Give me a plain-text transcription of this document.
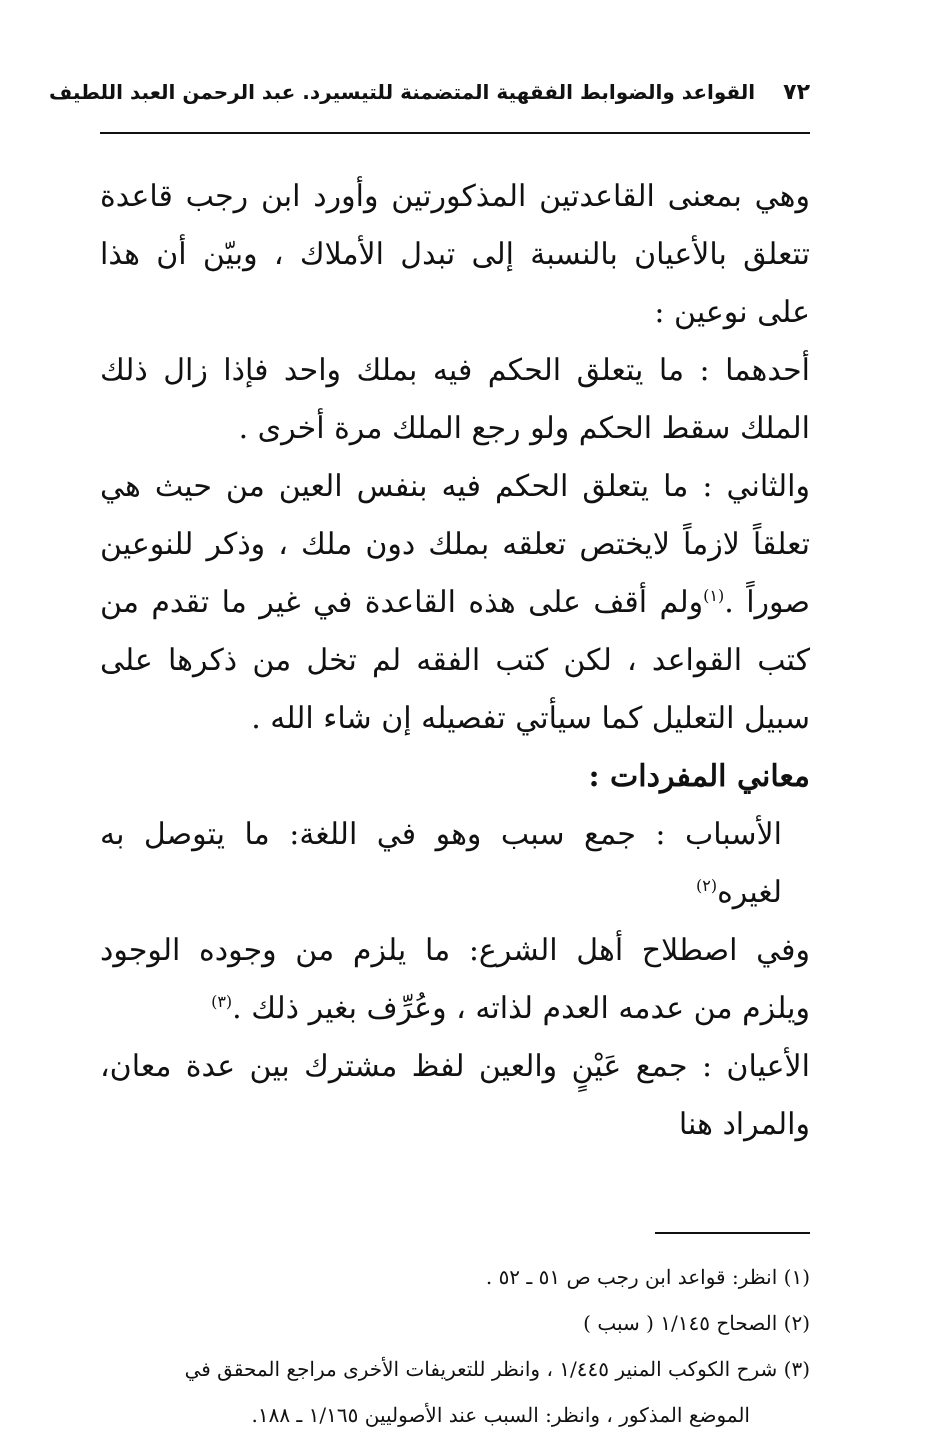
٧٢
القواعد والضوابط الفقهية المتضمنة للتيسير
د. عبد الرحمن العبد اللطيف

وهي بمعنى القاعدتين المذكورتين وأورد ابن رجب قاعدة تتعلق بالأعيان بالنسبة إلى تبدل الأملاك ، وبيّن أن هذا على نوعين :

أحدهما : ما يتعلق الحكم فيه بملك واحد فإذا زال ذلك الملك سقط الحكم ولو رجع الملك مرة أخرى .

والثاني : ما يتعلق الحكم فيه بنفس العين من حيث هي تعلقاً لازماً لايختص تعلقه بملك دون ملك ، وذكر للنوعين صوراً .$^{(١)}$ولم أقف على هذه القاعدة في غير ما تقدم من كتب القواعد ، لكن كتب الفقه لم تخل من ذكرها على سبيل التعليل كما سيأتي تفصيله إن شاء الله .

معاني المفردات :

الأسباب : جمع سبب وهو في اللغة: ما يتوصل به لغيره$^{(٢)}$

وفي اصطلاح أهل الشرع: ما يلزم من وجوده الوجود ويلزم من عدمه العدم لذاته ، وعُرِّف بغير ذلك .$^{(٣)}$

الأعيان : جمع عَيْنٍ والعين لفظ مشترك بين عدة معان، والمراد هنا

(١) انظر: قواعد ابن رجب ص ٥١ ـ ٥٢ .

(٢) الصحاح ١/١٤٥ ( سبب )

(٣) شرح الكوكب المنير ١/٤٤٥ ، وانظر للتعريفات الأخرى مراجع المحقق في

الموضع المذكور ، وانظر: السبب عند الأصوليين ١/١٦٥ ـ ١٨٨.
